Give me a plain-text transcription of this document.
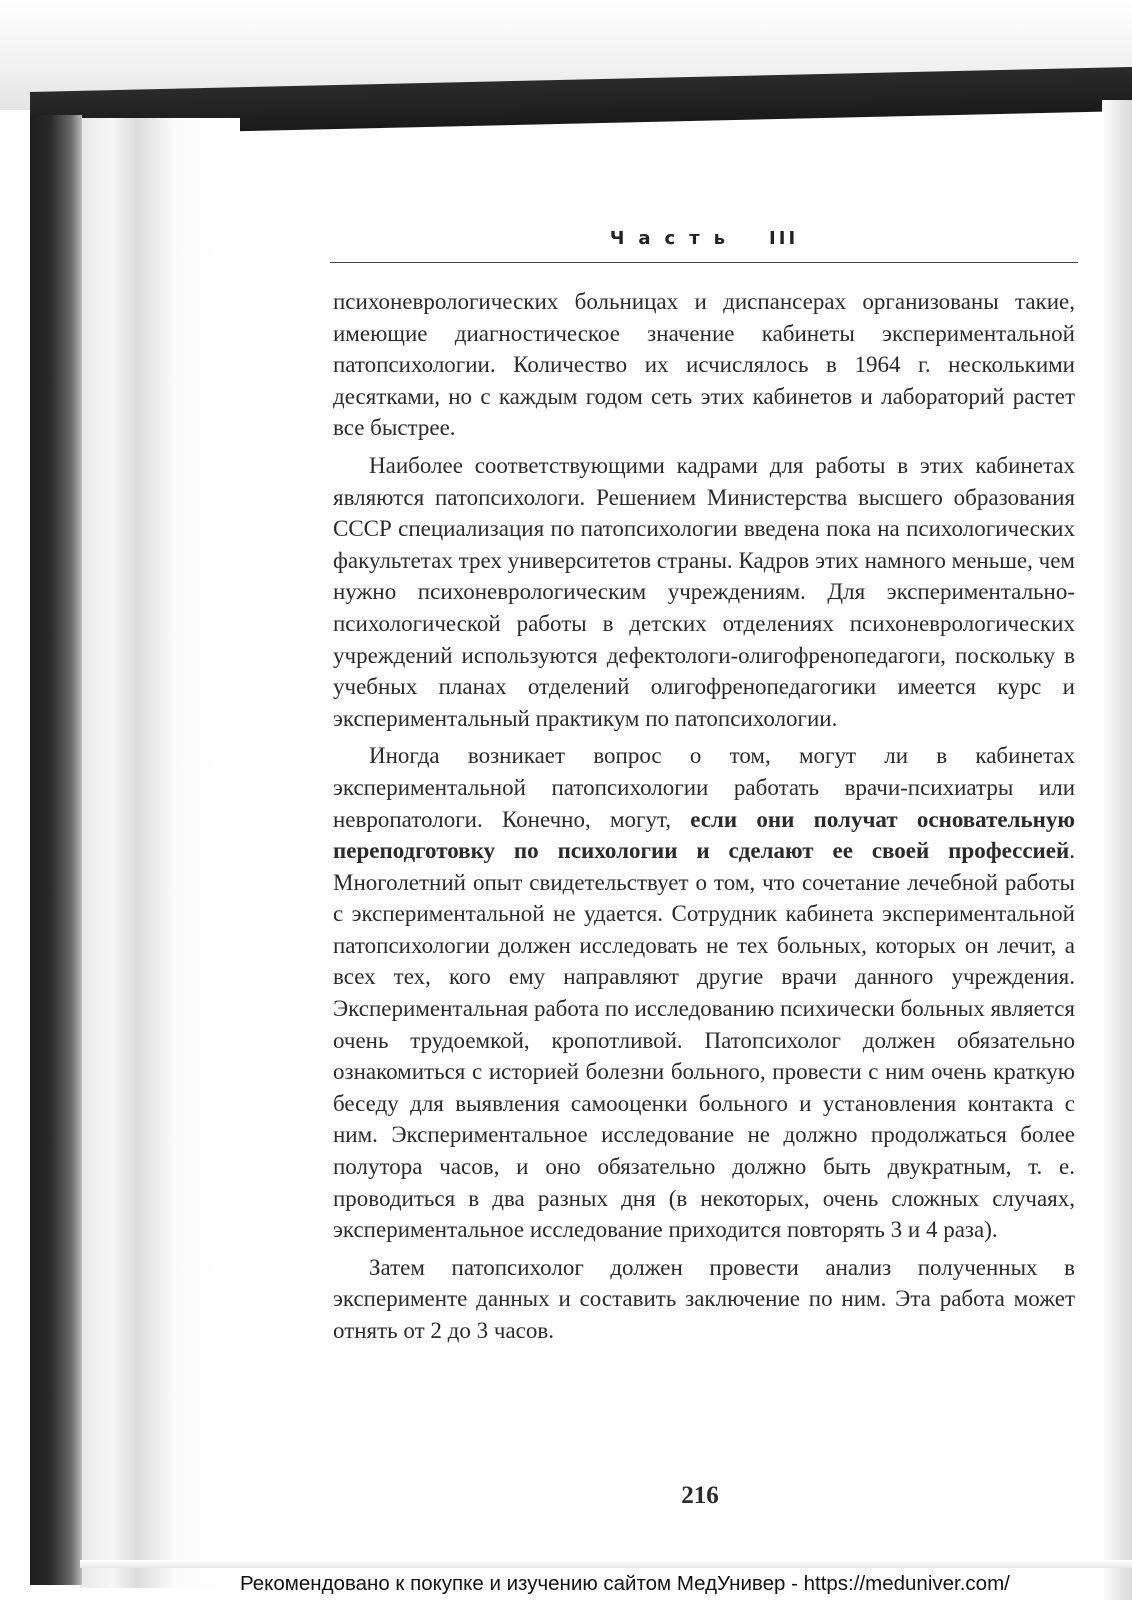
Часть III

психоневрологических больницах и диспансерах организованы такие, имеющие диагностическое значение кабинеты экспериментальной патопсихологии. Количество их исчислялось в 1964 г. несколькими десятками, но с каждым годом сеть этих кабинетов и лабораторий растет все быстрее.

Наиболее соответствующими кадрами для работы в этих кабинетах являются патопсихологи. Решением Министерства высшего образования СССР специализация по патопсихологии введена пока на психологических факультетах трех университетов страны. Кадров этих намного меньше, чем нужно психоневрологическим учреждениям. Для экспериментально-психологической работы в детских отделениях психоневрологических учреждений используются дефектологи-олигофренопедагоги, поскольку в учебных планах отделений олигофренопедагогики имеется курс и экспериментальный практикум по патопсихологии.

Иногда возникает вопрос о том, могут ли в кабинетах экспериментальной патопсихологии работать врачи-психиатры или невропатологи. Конечно, могут, если они получат основательную переподготовку по психологии и сделают ее своей профессией. Многолетний опыт свидетельствует о том, что сочетание лечебной работы с экспериментальной не удается. Сотрудник кабинета экспериментальной патопсихологии должен исследовать не тех больных, которых он лечит, а всех тех, кого ему направляют другие врачи данного учреждения. Экспериментальная работа по исследованию психически больных является очень трудоемкой, кропотливой. Патопсихолог должен обязательно ознакомиться с историей болезни больного, провести с ним очень краткую беседу для выявления самооценки больного и установления контакта с ним. Экспериментальное исследование не должно продолжаться более полутора часов, и оно обязательно должно быть двукратным, т. е. проводиться в два разных дня (в некоторых, очень сложных случаях, экспериментальное исследование приходится повторять 3 и 4 раза).

Затем патопсихолог должен провести анализ полученных в эксперименте данных и составить заключение по ним. Эта работа может отнять от 2 до 3 часов.

216
Рекомендовано к покупке и изучению сайтом МедУнивер - https://meduniver.com/
